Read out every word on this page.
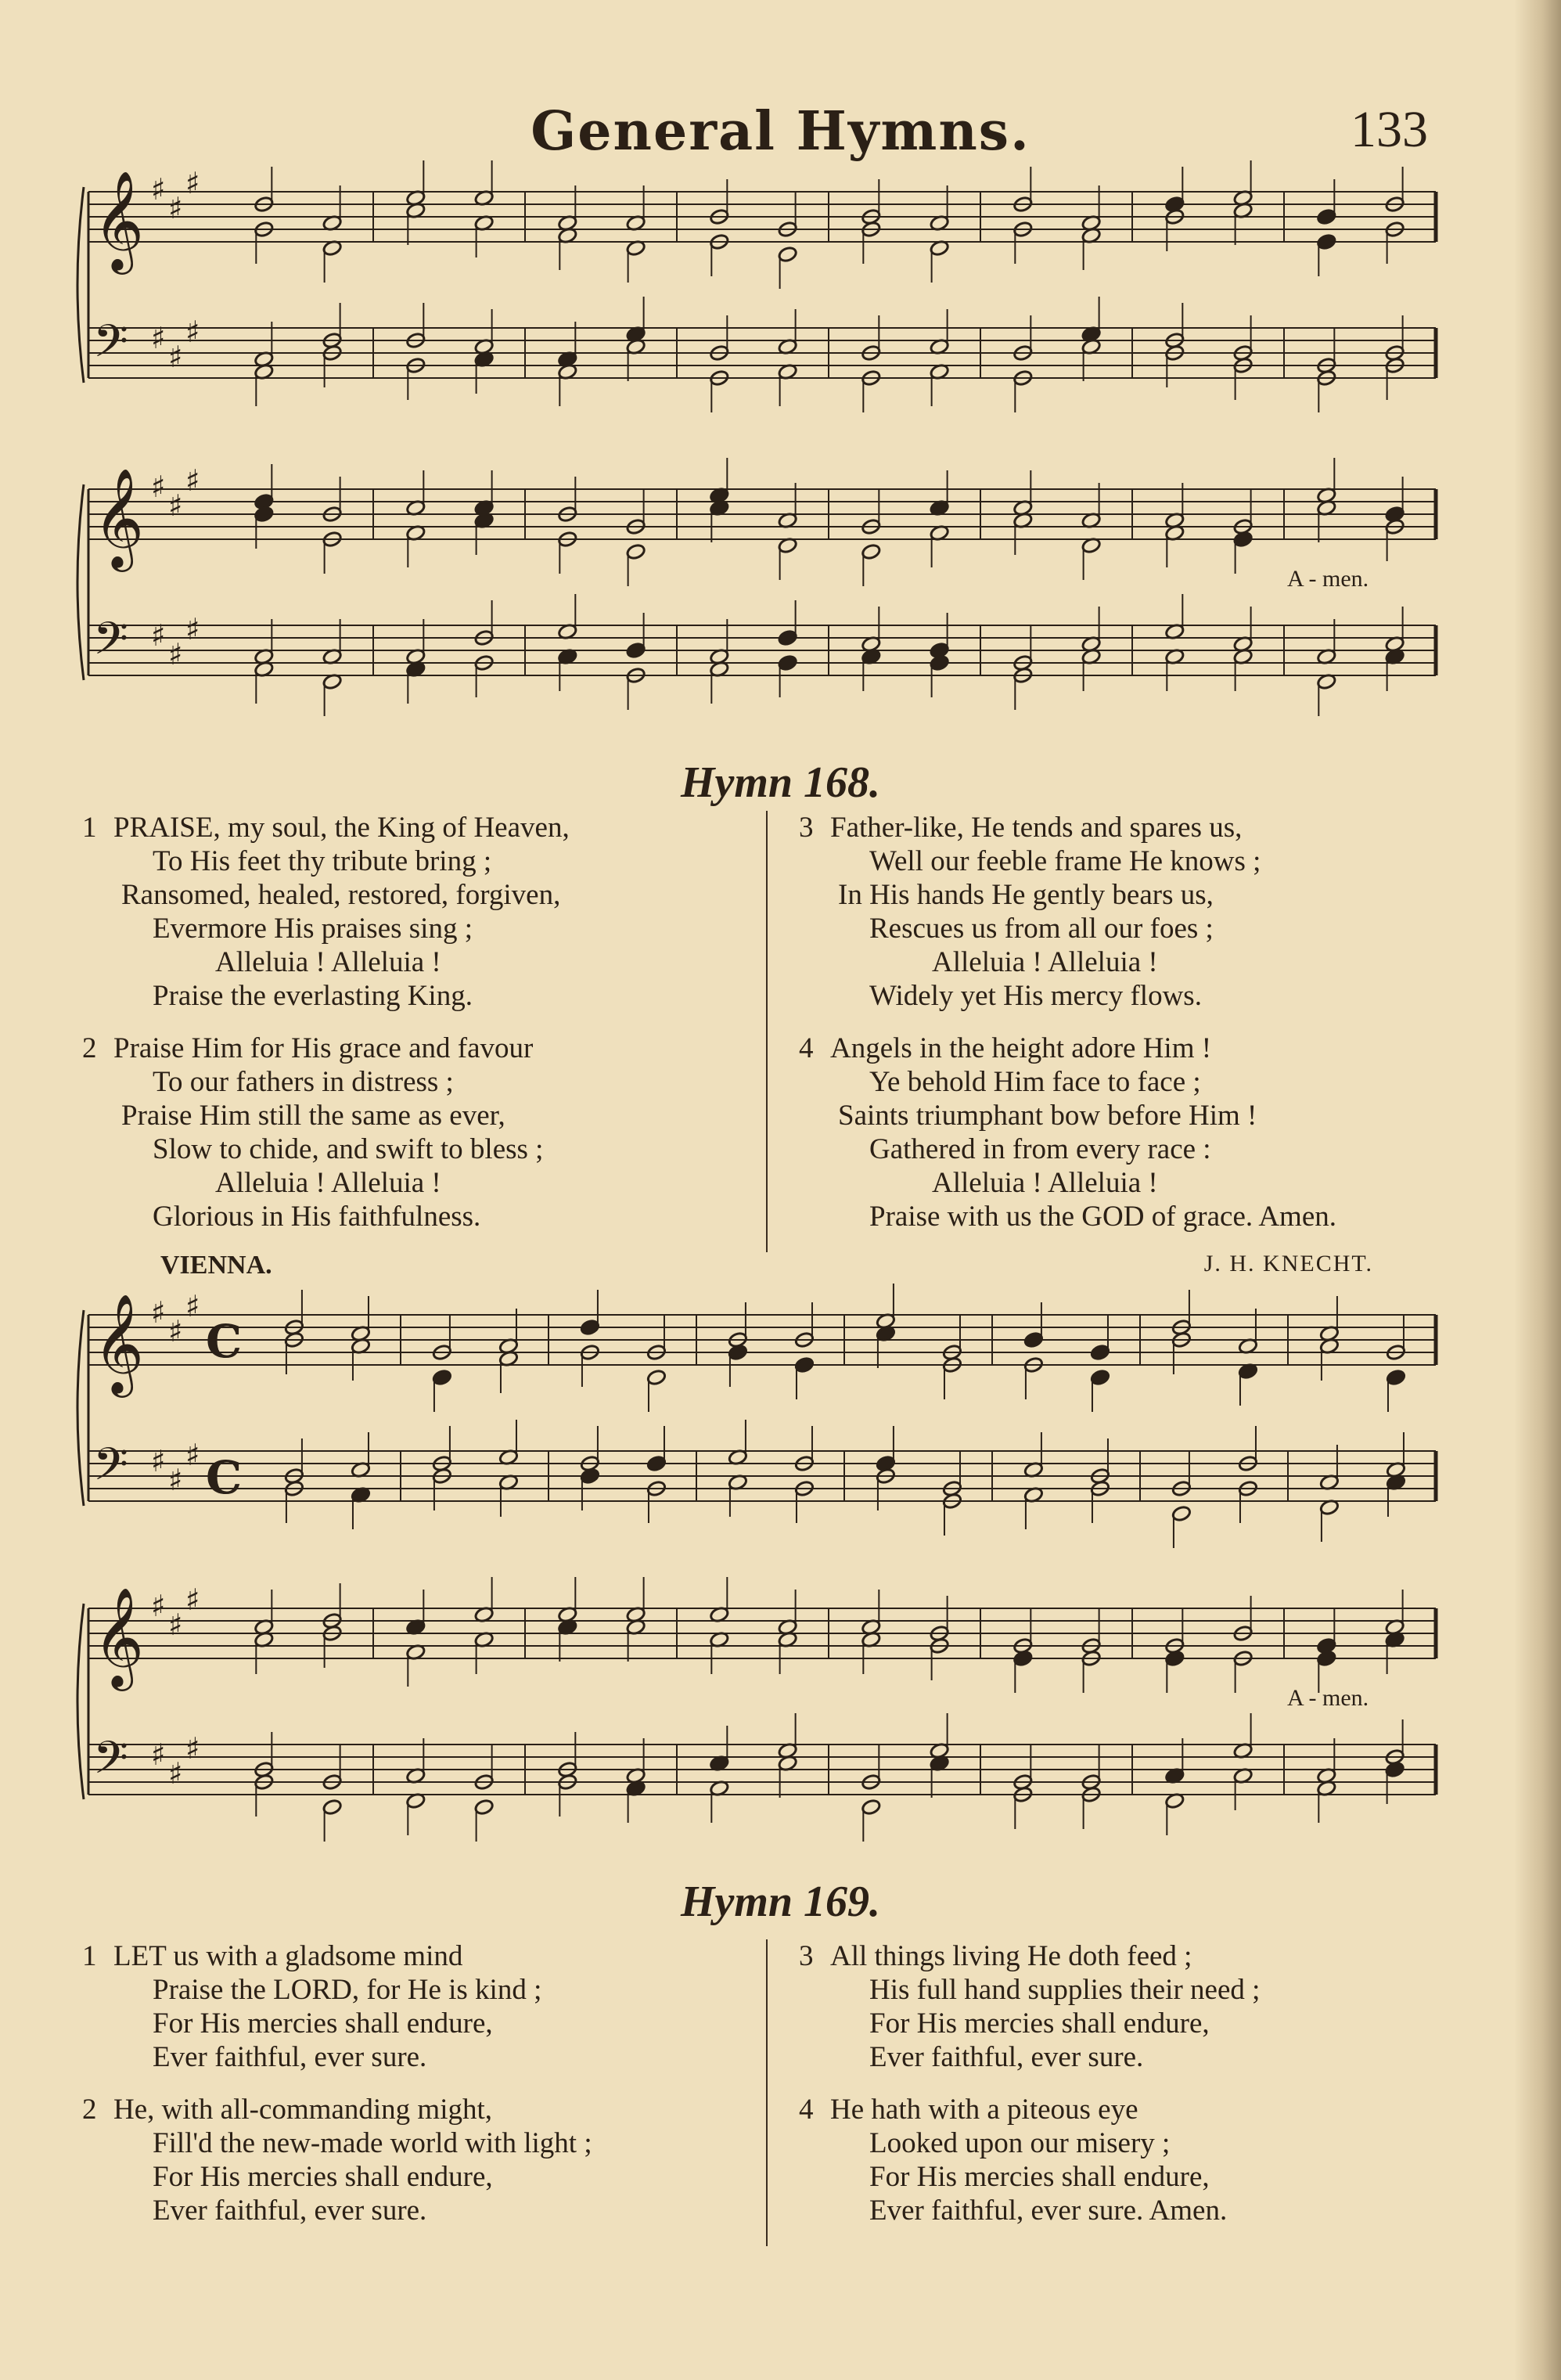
General Hymns.	133
𝄞 ♯
♯
♯
𝄢 ♯
♯
♯
𝄞 ♯
♯
♯
𝄢 ♯
♯
♯
A - men.
Hymn 168.
1 PRAISE, my soul, the King of Heaven,
To His feet thy tribute bring ;
Ransomed, healed, restored, forgiven,
Evermore His praises sing ;
Alleluia ! Alleluia !
Praise the everlasting King.
2 Praise Him for His grace and favour
To our fathers in distress ;
Praise Him still the same as ever,
Slow to chide, and swift to bless ;
Alleluia ! Alleluia !
Glorious in His faithfulness.
3 Father-like, He tends and spares us,
Well our feeble frame He knows ;
In His hands He gently bears us,
Rescues us from all our foes ;
Alleluia ! Alleluia !
Widely yet His mercy flows.
4 Angels in the height adore Him !
Ye behold Him face to face ;
Saints triumphant bow before Him !
Gathered in from every race :
Alleluia ! Alleluia !
Praise with us the GOD of grace. Amen.
VIENNA.	J. H. KNECHT.
𝄞 ♯
♯
♯
C
𝄢 ♯
♯
♯ C
𝄞 ♯
♯
♯
𝄢 ♯
♯
♯
A - men.
Hymn 169.
1 LET us with a gladsome mind
Praise the LORD, for He is kind ;
For His mercies shall endure,
Ever faithful, ever sure.
2 He, with all-commanding might,
Fill'd the new-made world with light ;
For His mercies shall endure,
Ever faithful, ever sure.
3 All things living He doth feed ;
His full hand supplies their need ;
For His mercies shall endure,
Ever faithful, ever sure.
4 He hath with a piteous eye
Looked upon our misery ;
For His mercies shall endure,
Ever faithful, ever sure. Amen.
